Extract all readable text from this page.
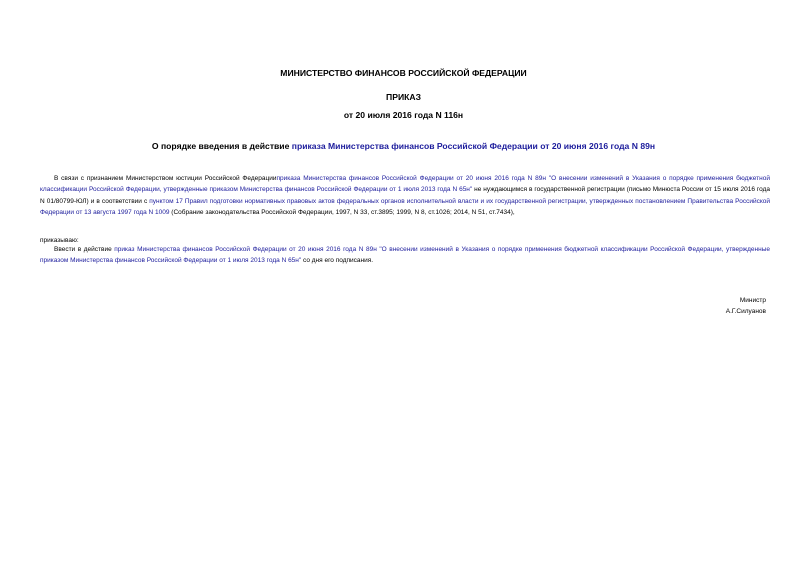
МИНИСТЕРСТВО ФИНАНСОВ РОССИЙСКОЙ ФЕДЕРАЦИИ
ПРИКАЗ
от 20 июля 2016 года N 116н
О порядке введения в действие приказа Министерства финансов Российской Федерации от 20 июня 2016 года N 89н
В связи с признанием Министерством юстиции Российской Федерацииприказа Министерства финансов Российской Федерации от 20 июня 2016 года N 89н "О внесении изменений в Указания о порядке применения бюджетной классификации Российской Федерации, утвержденные приказом Министерства финансов Российской Федерации от 1 июля 2013 года N 65н" не нуждающимся в государственной регистрации (письмо Минюста России от 15 июля 2016 года N 01/80799-ЮЛ) и в соответствии с пунктом 17 Правил подготовки нормативных правовых актов федеральных органов исполнительной власти и их государственной регистрации, утвержденных постановлением Правительства Российской Федерации от 13 августа 1997 года N 1009 (Собрание законодательства Российской Федерации, 1997, N 33, ст.3895; 1999, N 8, ст.1026; 2014, N 51, ст.7434),
приказываю:
Ввести в действие приказ Министерства финансов Российской Федерации от 20 июня 2016 года N 89н "О внесении изменений в Указания о порядке применения бюджетной классификации Российской Федерации, утвержденные приказом Министерства финансов Российской Федерации от 1 июля 2013 года N 65н" со дня его подписания.
Министр
А.Г.Силуанов
